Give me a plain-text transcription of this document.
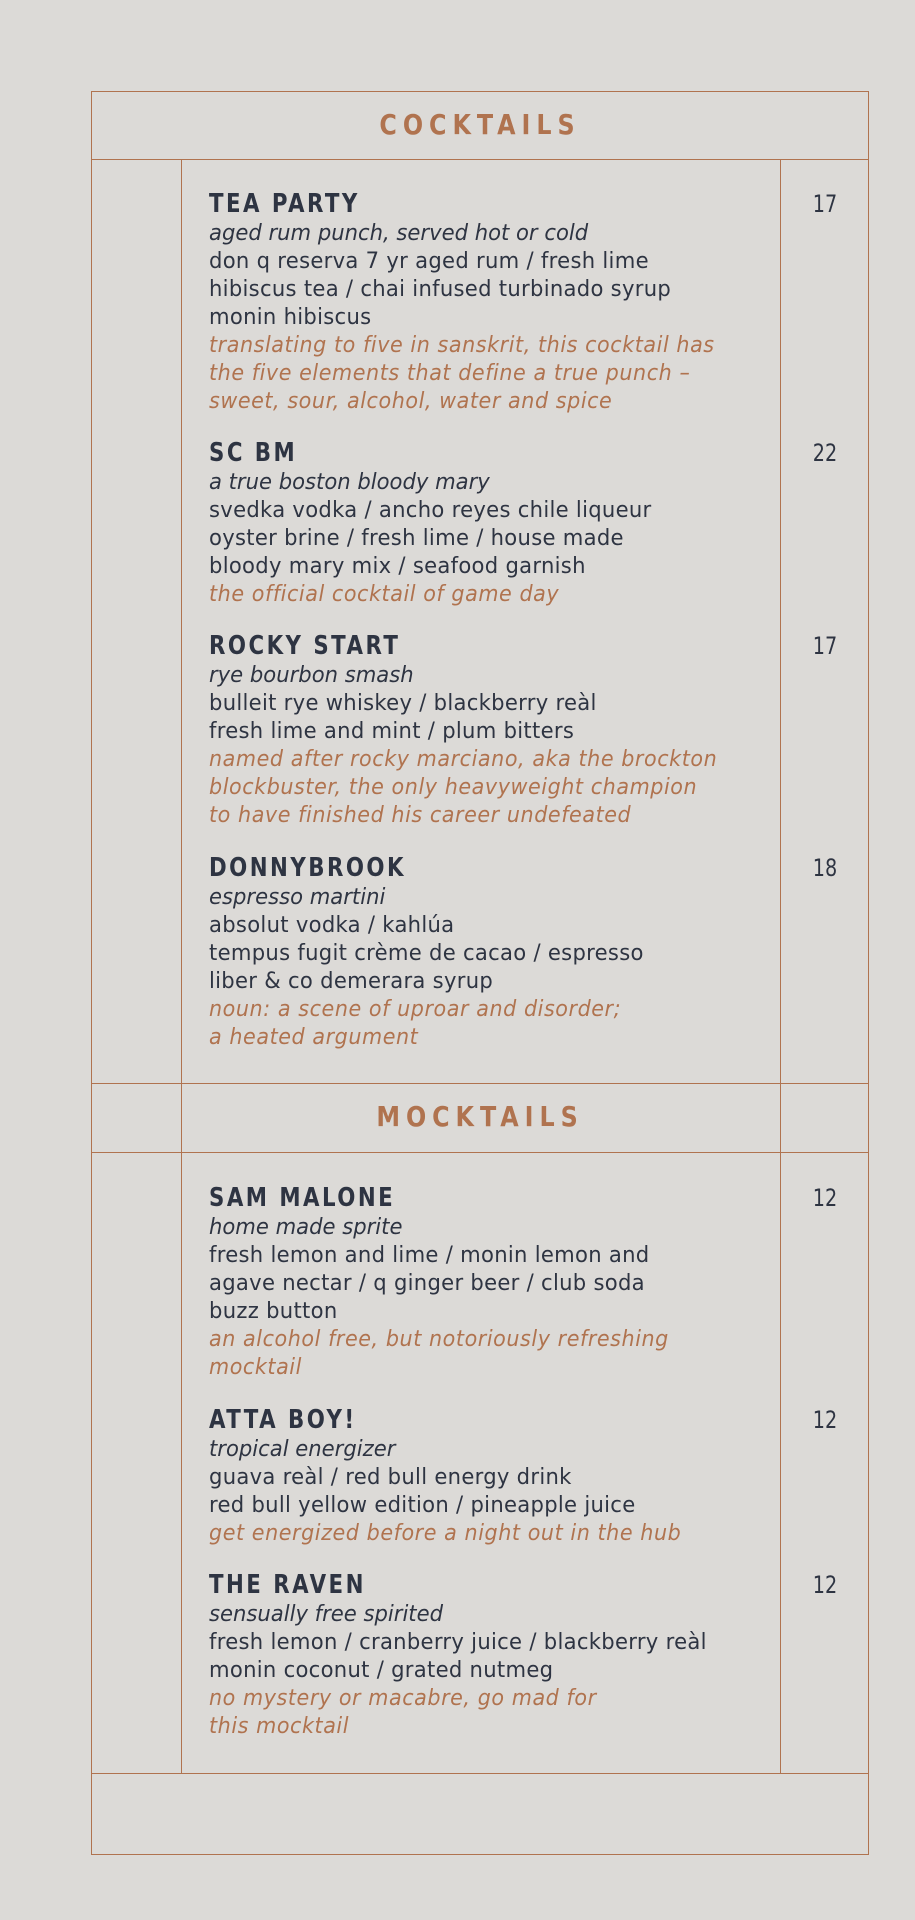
COCKTAILS
MOCKTAILS
TEA PARTY
aged rum punch, served hot or cold
don q reserva 7 yr aged rum / fresh lime
hibiscus tea / chai infused turbinado syrup
monin hibiscus
translating to five in sanskrit, this cocktail has
the five elements that define a true punch –
sweet, sour, alcohol, water and spice
17
SC BM
a true boston bloody mary
svedka vodka / ancho reyes chile liqueur
oyster brine / fresh lime / house made
bloody mary mix / seafood garnish
the official cocktail of game day
22
ROCKY START
rye bourbon smash
bulleit rye whiskey / blackberry reàl
fresh lime and mint / plum bitters
named after rocky marciano, aka the brockton
blockbuster, the only heavyweight champion
to have finished his career undefeated
17
DONNYBROOK
espresso martini
absolut vodka / kahlúa
tempus fugit crème de cacao / espresso
liber & co demerara syrup
noun: a scene of uproar and disorder;
a heated argument
18
SAM MALONE
home made sprite
fresh lemon and lime / monin lemon and
agave nectar / q ginger beer / club soda
buzz button
an alcohol free, but notoriously refreshing
mocktail
12
ATTA BOY!
tropical energizer
guava reàl / red bull energy drink
red bull yellow edition / pineapple juice
get energized before a night out in the hub
12
THE RAVEN
sensually free spirited
fresh lemon / cranberry juice / blackberry reàl
monin coconut / grated nutmeg
no mystery or macabre, go mad for
this mocktail
12
